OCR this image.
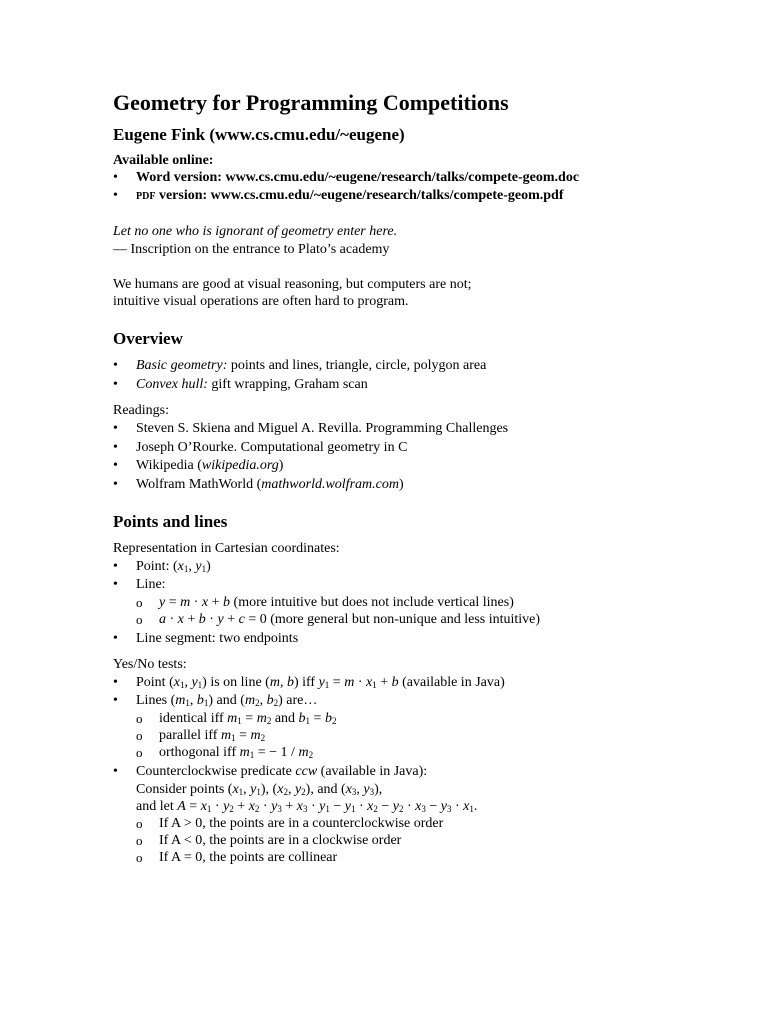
Geometry for Programming Competitions
Eugene Fink (www.cs.cmu.edu/~eugene)
Available online:
• Word version: www.cs.cmu.edu/~eugene/research/talks/compete-geom.doc
• PDF version: www.cs.cmu.edu/~eugene/research/talks/compete-geom.pdf
Let no one who is ignorant of geometry enter here.
— Inscription on the entrance to Plato’s academy
We humans are good at visual reasoning, but computers are not;
intuitive visual operations are often hard to program.
Overview
• Basic geometry: points and lines, triangle, circle, polygon area
• Convex hull: gift wrapping, Graham scan
Readings:
• Steven S. Skiena and Miguel A. Revilla. Programming Challenges
• Joseph O’Rourke. Computational geometry in C
• Wikipedia (wikipedia.org)
• Wolfram MathWorld (mathworld.wolfram.com)
Points and lines
Representation in Cartesian coordinates:
• Point: ($x_1$, $y_1$)
• Line:
o y = m · x + b (more intuitive but does not include vertical lines)
o a · x + b · y + c = 0 (more general but non-unique and less intuitive)
• Line segment: two endpoints
Yes/No tests:
• Point ($x_1$, $y_1$) is on line (m, b) iff $y_1 = m \cdot x_1 + b$ (available in Java)
• Lines ($m_1$, $b_1$) and ($m_2$, $b_2$) are…
o identical iff $m_1 = m_2$ and $b_1 = b_2$
o parallel iff $m_1 = m_2$
o orthogonal iff $m_1$ = − $1 / m_2$
• Counterclockwise predicate ccw (available in Java):
Consider points ($x_1$, $y_1$), ($x_2$, $y_2$), and ($x_3$, $y_3$),
and let $A = x_1 \cdot y_2 + x_2 \cdot y_3 + x_3 \cdot y_1 - y_1 \cdot x_2 - y_2 \cdot x_3 - y_3 \cdot x_1$.
o If A > 0, the points are in a counterclockwise order
o If A < 0, the points are in a clockwise order
o If A = 0, the points are collinear
